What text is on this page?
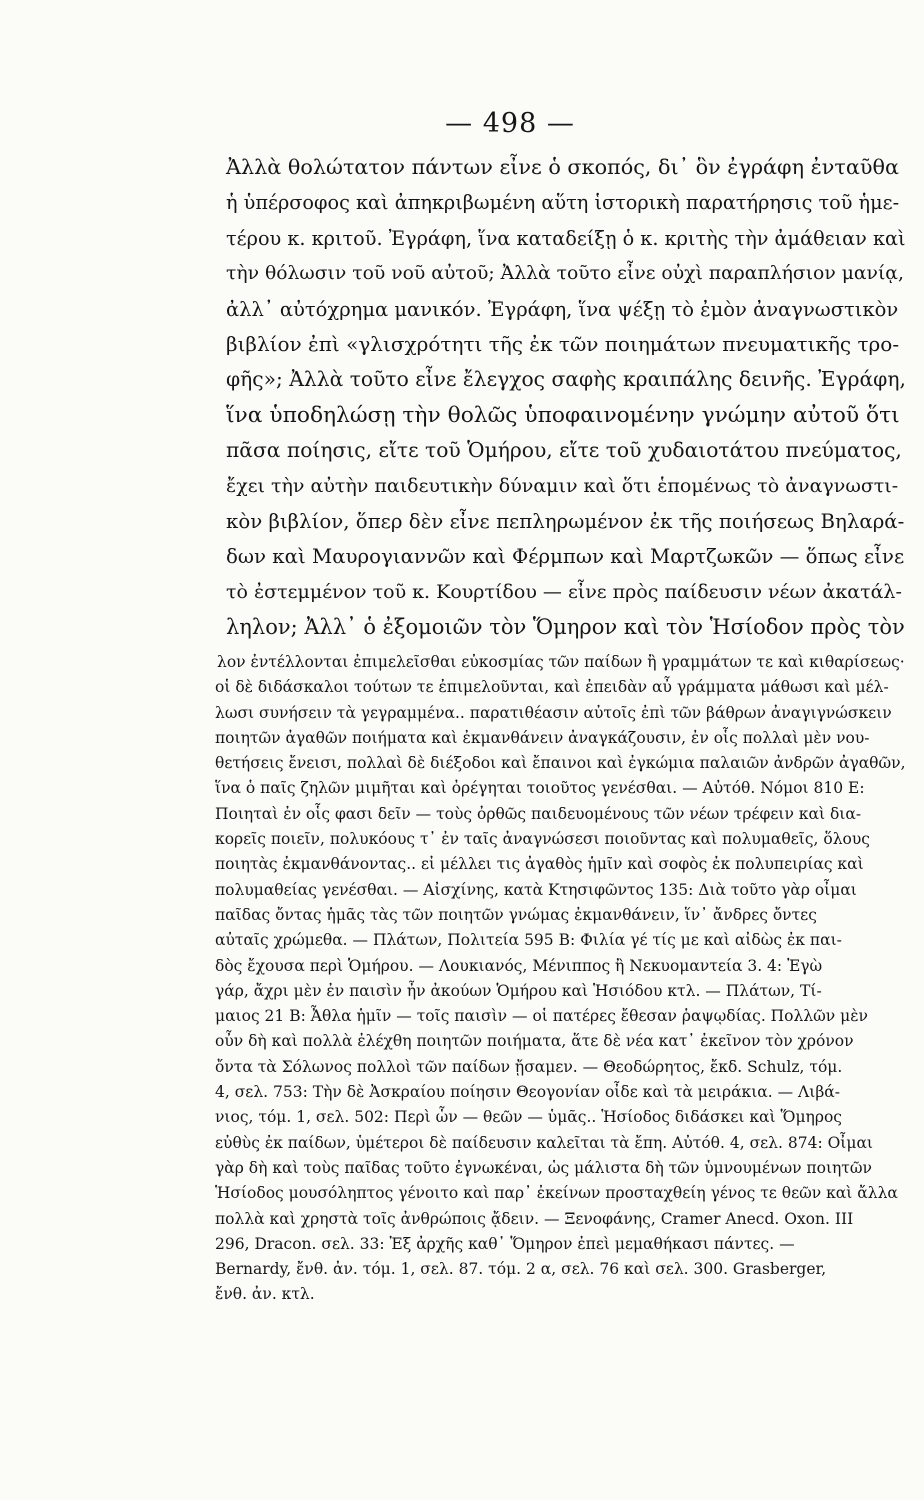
— 498 —

Ἀλλὰ θολώτατον πάντων εἶνε ὁ σκοπός, δι᾽ ὃν ἐγράφη ἐνταῦθα
ἡ ὑπέρσοφος καὶ ἀπηκριβωμένη αὕτη ἱστορικὴ παρατήρησις τοῦ ἡμε-
τέρου κ. κριτοῦ. Ἐγράφη, ἵνα καταδείξῃ ὁ κ. κριτὴς τὴν ἀμάθειαν καὶ
τὴν θόλωσιν τοῦ νοῦ αὐτοῦ; Ἀλλὰ τοῦτο εἶνε οὐχὶ παραπλήσιον μανίᾳ,
ἀλλ᾽ αὐτόχρημα μανικόν. Ἐγράφη, ἵνα ψέξῃ τὸ ἐμὸν ἀναγνωστικὸν
βιβλίον ἐπὶ «γλισχρότητι τῆς ἐκ τῶν ποιημάτων πνευματικῆς τρο-
φῆς»; Ἀλλὰ τοῦτο εἶνε ἔλεγχος σαφὴς κραιπάλης δεινῆς. Ἐγράφη,
ἵνα ὑποδηλώσῃ τὴν θολῶς ὑποφαινομένην γνώμην αὐτοῦ ὅτι
πᾶσα ποίησις, εἴτε τοῦ Ὁμήρου, εἴτε τοῦ χυδαιοτάτου πνεύματος,
ἔχει τὴν αὐτὴν παιδευτικὴν δύναμιν καὶ ὅτι ἑπομένως τὸ ἀναγνωστι-
κὸν βιβλίον, ὅπερ δὲν εἶνε πεπληρωμένον ἐκ τῆς ποιήσεως Βηλαρά-
δων καὶ Μαυρογιαννῶν καὶ Φέρμπων καὶ Μαρτζωκῶν — ὅπως εἶνε
τὸ ἐστεμμένον τοῦ κ. Κουρτίδου — εἶνε πρὸς παίδευσιν νέων ἀκατάλ-
ληλον; Ἀλλ᾽ ὁ ἐξομοιῶν τὸν Ὅμηρον καὶ τὸν Ἡσίοδον πρὸς τὸν
λον ἐντέλλονται ἐπιμελεῖσθαι εὐκοσμίας τῶν παίδων ἢ γραμμάτων τε καὶ κιθαρίσεως·
οἱ δὲ διδάσκαλοι τούτων τε ἐπιμελοῦνται, καὶ ἐπειδὰν αὖ γράμματα μάθωσι καὶ μέλ-
λωσι συνήσειν τὰ γεγραμμένα.. παρατιθέασιν αὐτοῖς ἐπὶ τῶν βάθρων ἀναγιγνώσκειν
ποιητῶν ἀγαθῶν ποιήματα καὶ ἐκμανθάνειν ἀναγκάζουσιν, ἐν οἷς πολλαὶ μὲν νου-
θετήσεις ἔνεισι, πολλαὶ δὲ διέξοδοι καὶ ἔπαινοι καὶ ἐγκώμια παλαιῶν ἀνδρῶν ἀγαθῶν,
ἵνα ὁ παῖς ζηλῶν μιμῆται καὶ ὀρέγηται τοιοῦτος γενέσθαι. — Αὐτόθ. Νόμοι 810 Ε:
Ποιηταὶ ἐν οἷς φασι δεῖν — τοὺς ὀρθῶς παιδευομένους τῶν νέων τρέφειν καὶ δια-
κορεῖς ποιεῖν, πολυκόους τ᾽ ἐν ταῖς ἀναγνώσεσι ποιοῦντας καὶ πολυμαθεῖς, ὅλους
ποιητὰς ἐκμανθάνοντας.. εἰ μέλλει τις ἀγαθὸς ἡμῖν καὶ σοφὸς ἐκ πολυπειρίας καὶ
πολυμαθείας γενέσθαι. — Αἰσχίνης, κατὰ Κτησιφῶντος 135: Διὰ τοῦτο γὰρ οἶμαι
παῖδας ὄντας ἡμᾶς τὰς τῶν ποιητῶν γνώμας ἐκμανθάνειν, ἵν᾽ ἄνδρες ὄντες
αὐταῖς χρώμεθα. — Πλάτων, Πολιτεία 595 Β: Φιλία γέ τίς με καὶ αἰδὼς ἐκ παι-
δὸς ἔχουσα περὶ Ὁμήρου. — Λουκιανός, Μένιππος ἢ Νεκυομαντεία 3. 4: Ἐγὼ
γάρ, ἄχρι μὲν ἐν παισὶν ἦν ἀκούων Ὁμήρου καὶ Ἡσιόδου κτλ. — Πλάτων, Τί-
μαιος 21 Β: Ἆθλα ἡμῖν — τοῖς παισὶν — οἱ πατέρες ἔθεσαν ῥαψῳδίας. Πολλῶν μὲν
οὖν δὴ καὶ πολλὰ ἐλέχθη ποιητῶν ποιήματα, ἅτε δὲ νέα κατ᾽ ἐκεῖνον τὸν χρόνον
ὄντα τὰ Σόλωνος πολλοὶ τῶν παίδων ᾔσαμεν. — Θεοδώρητος, ἔκδ. Schulz, τόμ.
4, σελ. 753: Τὴν δὲ Ἀσκραίου ποίησιν Θεογονίαν οἶδε καὶ τὰ μειράκια. — Λιβά-
νιος, τόμ. 1, σελ. 502: Περὶ ὧν — θεῶν — ὑμᾶς.. Ἡσίοδος διδάσκει καὶ Ὅμηρος
εὐθὺς ἐκ παίδων, ὑμέτεροι δὲ παίδευσιν καλεῖται τὰ ἔπη. Αὐτόθ. 4, σελ. 874: Οἶμαι
γὰρ δὴ καὶ τοὺς παῖδας τοῦτο ἐγνωκέναι, ὡς μάλιστα δὴ τῶν ὑμνουμένων ποιητῶν
Ἡσίοδος μουσόληπτος γένοιτο καὶ παρ᾽ ἐκείνων προσταχθείη γένος τε θεῶν καὶ ἄλλα
πολλὰ καὶ χρηστὰ τοῖς ἀνθρώποις ᾄδειν. — Ξενοφάνης, Cramer Anecd. Oxon. III
296, Dracon. σελ. 33: Ἐξ ἀρχῆς καθ᾽ Ὅμηρον ἐπεὶ μεμαθήκασι πάντες. —
Bernardy, ἔνθ. ἀν. τόμ. 1, σελ. 87. τόμ. 2 α, σελ. 76 καὶ σελ. 300. Grasberger,
ἔνθ. ἀν. κτλ.
